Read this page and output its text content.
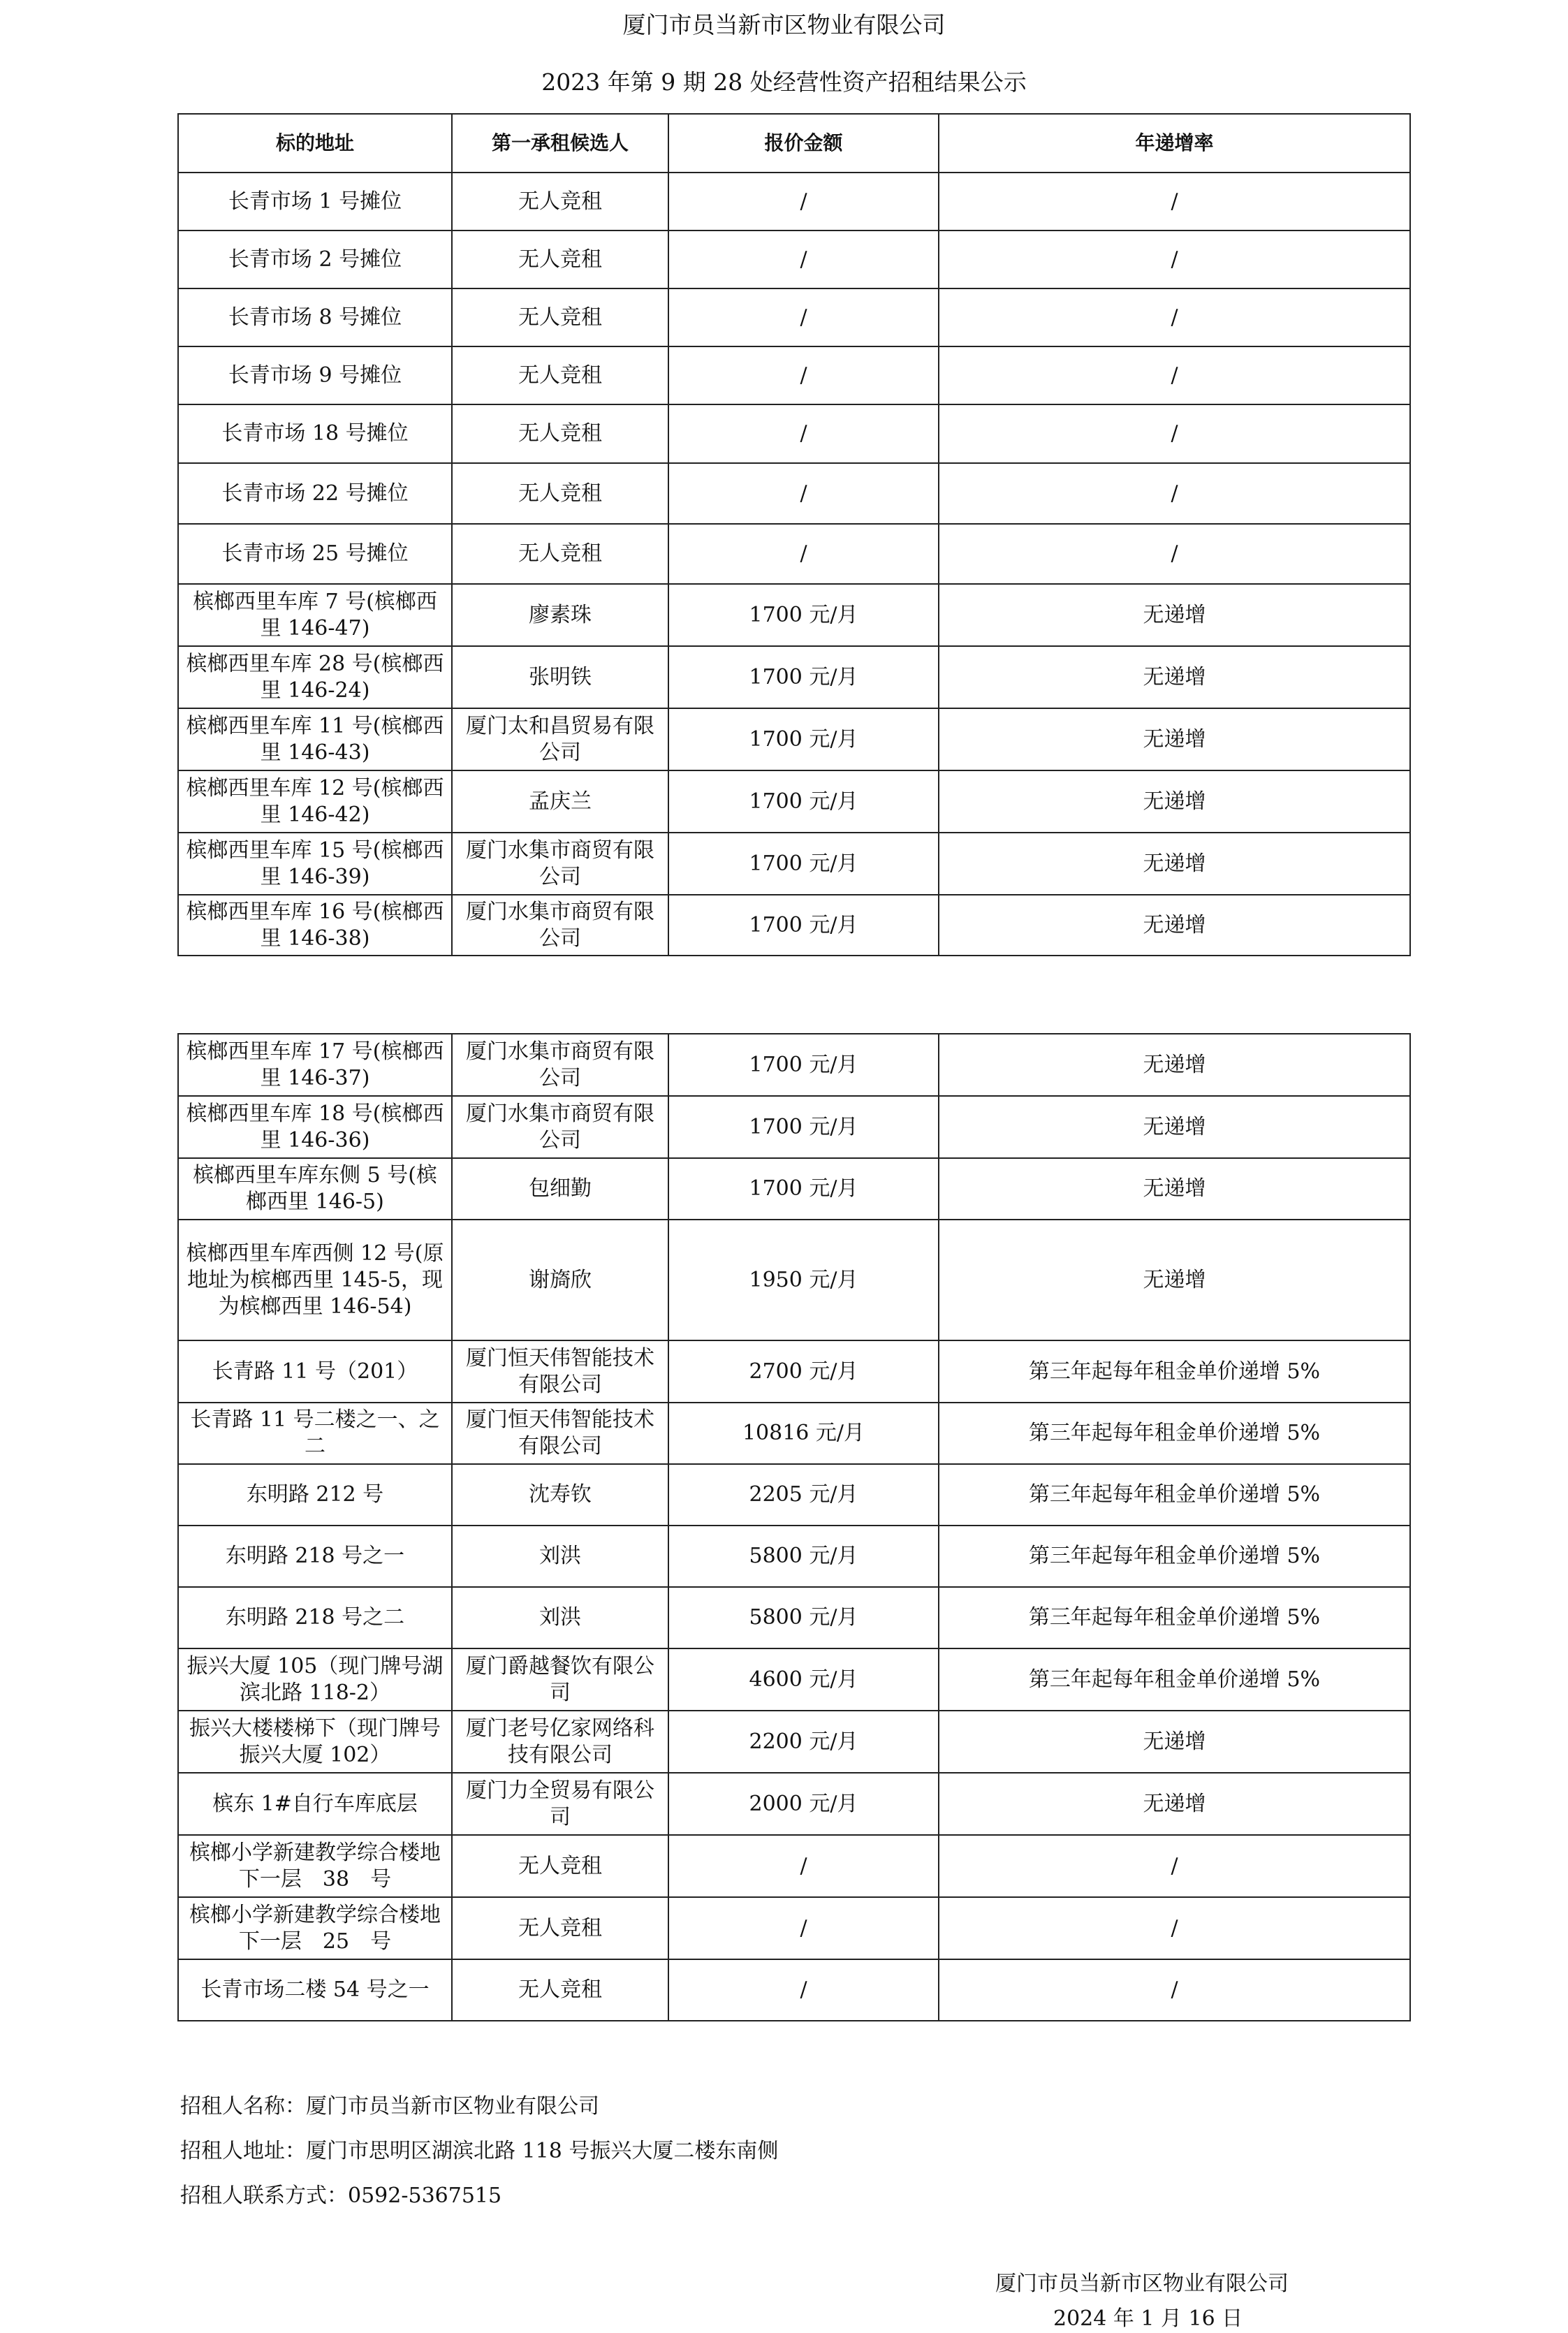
厦门市员当新市区物业有限公司
2023 年第 9 期 28 处经营性资产招租结果公示
标的地址	第一承租候选人	报价金额	年递增率
长青市场 1 号摊位	无人竞租	/	/
长青市场 2 号摊位	无人竞租	/	/
长青市场 8 号摊位	无人竞租	/	/
长青市场 9 号摊位	无人竞租	/	/
长青市场 18 号摊位	无人竞租	/	/
长青市场 22 号摊位	无人竞租	/	/
长青市场 25 号摊位	无人竞租	/	/
槟榔西里车库 7 号(槟榔西里 146-47)	廖素珠	1700 元/月	无递增
槟榔西里车库 28 号(槟榔西里 146-24)	张明铁	1700 元/月	无递增
槟榔西里车库 11 号(槟榔西里 146-43)	厦门太和昌贸易有限公司	1700 元/月	无递增
槟榔西里车库 12 号(槟榔西里 146-42)	孟庆兰	1700 元/月	无递增
槟榔西里车库 15 号(槟榔西里 146-39)	厦门水集市商贸有限公司	1700 元/月	无递增
槟榔西里车库 16 号(槟榔西里 146-38)	厦门水集市商贸有限公司	1700 元/月	无递增
槟榔西里车库 17 号(槟榔西里 146-37)	厦门水集市商贸有限公司	1700 元/月	无递增
槟榔西里车库 18 号(槟榔西里 146-36)	厦门水集市商贸有限公司	1700 元/月	无递增
槟榔西里车库东侧 5 号(槟榔西里 146-5)	包细勤	1700 元/月	无递增
槟榔西里车库西侧 12 号(原地址为槟榔西里 145-5，现为槟榔西里 146-54)	谢旖欣	1950 元/月	无递增
长青路 11 号（201）	厦门恒天伟智能技术有限公司	2700 元/月	第三年起每年租金单价递增 5%
长青路 11 号二楼之一、之二	厦门恒天伟智能技术有限公司	10816 元/月	第三年起每年租金单价递增 5%
东明路 212 号	沈寿钦	2205 元/月	第三年起每年租金单价递增 5%
东明路 218 号之一	刘洪	5800 元/月	第三年起每年租金单价递增 5%
东明路 218 号之二	刘洪	5800 元/月	第三年起每年租金单价递增 5%
振兴大厦 105（现门牌号湖滨北路 118-2）	厦门爵越餐饮有限公司	4600 元/月	第三年起每年租金单价递增 5%
振兴大楼楼梯下（现门牌号 振兴大厦 102）	厦门老号亿家网络科技有限公司	2200 元/月	无递增
槟东 1#自行车库底层	厦门力全贸易有限公司	2000 元/月	无递增
槟榔小学新建教学综合楼地下一层　38　号	无人竞租	/	/
槟榔小学新建教学综合楼地下一层　25　号	无人竞租	/	/
长青市场二楼 54 号之一	无人竞租	/	/
招租人名称：厦门市员当新市区物业有限公司
招租人地址：厦门市思明区湖滨北路 118 号振兴大厦二楼东南侧
招租人联系方式：0592-5367515
厦门市员当新市区物业有限公司
2024 年 1 月 16 日
